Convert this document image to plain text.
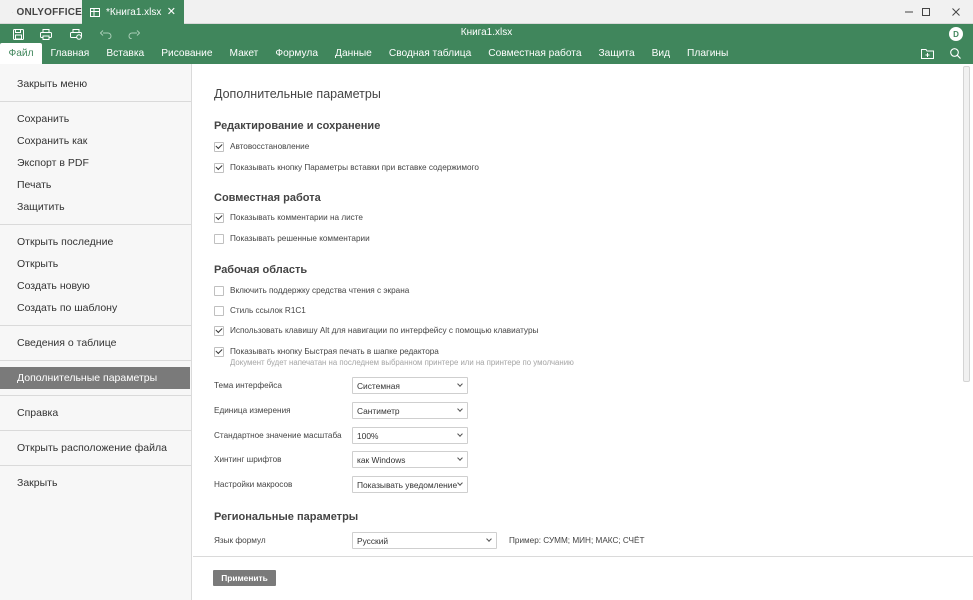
ONLYOFFICE *Книга1.xlsx ✕
Книга1.xlsx	D
Файл	Главная	Вставка	Рисование	Макет	Формула	Данные	Сводная таблица	Совместная работа	Защита	Вид	Плагины
Закрыть меню
Сохранить
Сохранить как
Экспорт в PDF
Печать
Защитить
Открыть последние
Открыть
Создать новую
Создать по шаблону
Сведения о таблице
Дополнительные параметры
Справка
Открыть расположение файла
Закрыть
Дополнительные параметры
Редактирование и сохранение
Автовосстановление
Показывать кнопку Параметры вставки при вставке содержимого
Совместная работа
Показывать комментарии на листе
Показывать решенные комментарии
Рабочая область
Включить поддержку средства чтения с экрана
Стиль ссылок R1C1
Использовать клавишу Alt для навигации по интерфейсу с помощью клавиатуры
Показывать кнопку Быстрая печать в шапке редактора
Документ будет напечатан на последнем выбранном принтере или на принтере по умолчанию
Тема интерфейса	Системная
Единица измерения	Сантиметр
Стандартное значение масштаба 100%
Хинтинг шрифтов	как Windows
Настройки макросов	Показывать уведомление
Региональные параметры
Язык формул	Русский	Пример: СУММ; МИН; МАКС; СЧЁТ
Применить
